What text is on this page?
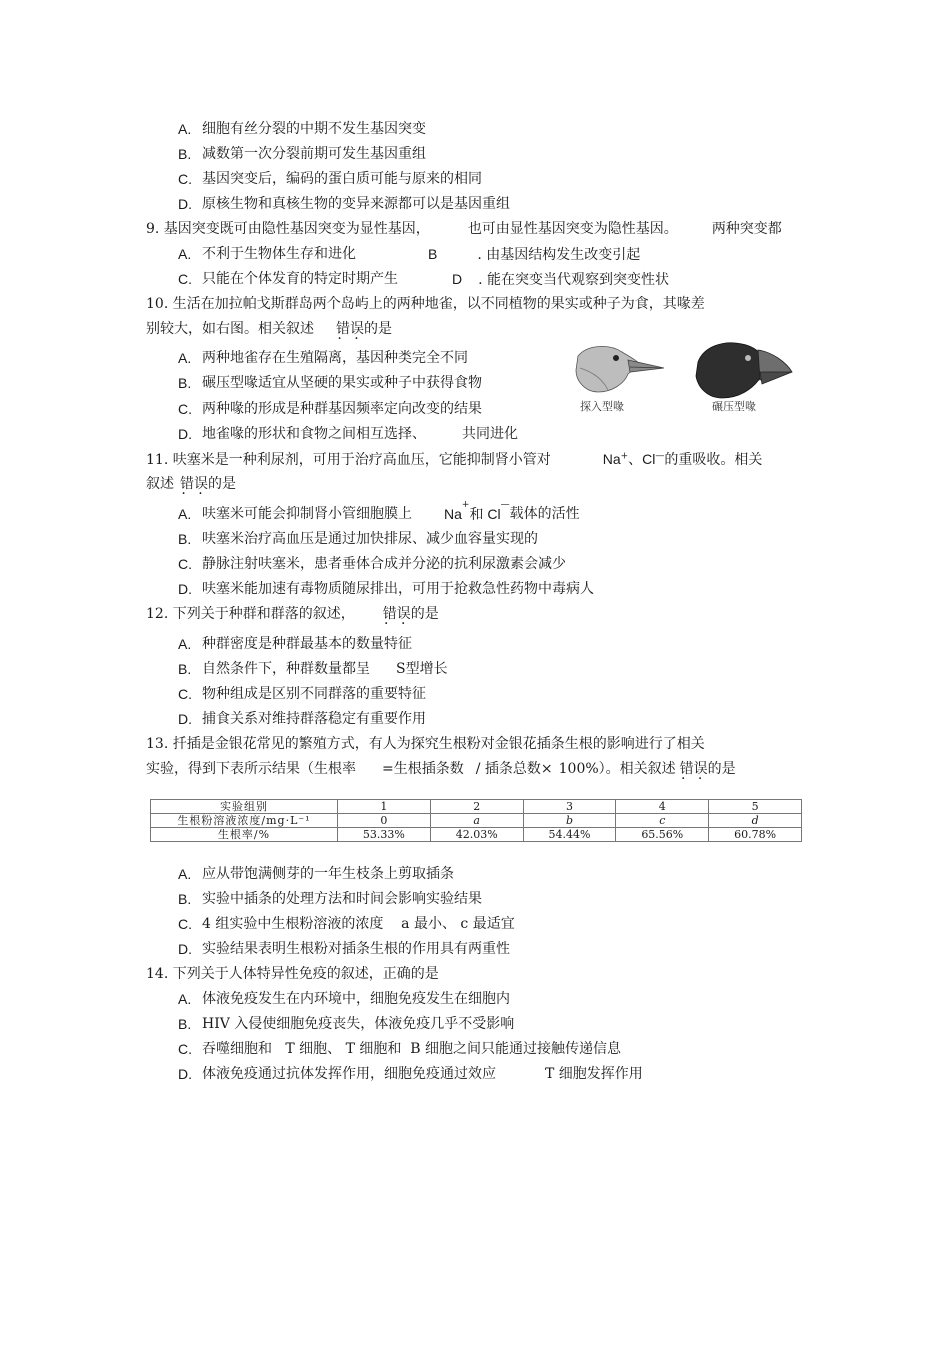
A. 细胞有丝分裂的中期不发生基因突变
B. 减数第一次分裂前期可发生基因重组
C. 基因突变后，编码的蛋白质可能与原来的相同
D. 原核生物和真核生物的变异来源都可以是基因重组
9. 基因突变既可由隐性基因突变为显性基因，	也可由显性基因突变为隐性基因。 两种突变都
A. 不利于生物体生存和进化	B	. 由基因结构发生改变引起
C. 只能在个体发育的特定时期产生	D . 能在突变当代观察到突变性状
10. 生活在加拉帕戈斯群岛两个岛屿上的两种地雀，以不同植物的果实或种子为食，其喙差
别较大，如右图。相关叙述 错误 · ·的是
A. 两种地雀存在生殖隔离，基因种类完全不同
B. 碾压型喙适宜从坚硬的果实或种子中获得食物
C. 两种喙的形成是种群基因频率定向改变的结果
D. 地雀喙的形状和食物之间相互选择、	共同进化
探入型喙	碾压型喙
11. 呋塞米是一种利尿剂，可用于治疗高血压，它能抑制肾小管对	Na+、Cl—的重吸收。相关
叙述 错误 · ·的是
A. 呋塞米可能会抑制肾小管细胞膜上 Na
+
和 Cl
—
载体的活性
B. 呋塞米治疗高血压是通过加快排尿、减少血容量实现的
C. 静脉注射呋塞米，患者垂体合成并分泌的抗利尿激素会减少
D. 呋塞米能加速有毒物质随尿排出，可用于抢救急性药物中毒病人
12. 下列关于种群和群落的叙述， 错误 · ·的是
A. 种群密度是种群最基本的数量特征
B. 自然条件下，种群数量都呈 S型增长
C. 物种组成是区别不同群落的重要特征
D. 捕食关系对维持群落稳定有重要作用
13. 扦插是金银花常见的繁殖方式，有人为探究生根粉对金银花插条生根的影响进行了相关
实验，得到下表所示结果（生根率 =生根插条数 / 插条总数× 100%）。相关叙述 错误 · ·的是
实验组别	1	2	3	4	5
生根粉溶液浓度/mg·L⁻¹	0	a	b	c	d
生根率/%	53.33%	42.03%	54.44%	65.56%	60.78%
A. 应从带饱满侧芽的一年生枝条上剪取插条
B. 实验中插条的处理方法和时间会影响实验结果
C. 4 组实验中生根粉溶液的浓度    a 最小、 c 最适宜
D. 实验结果表明生根粉对插条生根的作用具有两重性
14. 下列关于人体特异性免疫的叙述，正确的是
A. 体液免疫发生在内环境中，细胞免疫发生在细胞内
B. HIV 入侵使细胞免疫丧失，体液免疫几乎不受影响
C. 吞噬细胞和   T 细胞、 T 细胞和  B 细胞之间只能通过接触传递信息
D. 体液免疫通过抗体发挥作用，细胞免疫通过效应           T 细胞发挥作用
